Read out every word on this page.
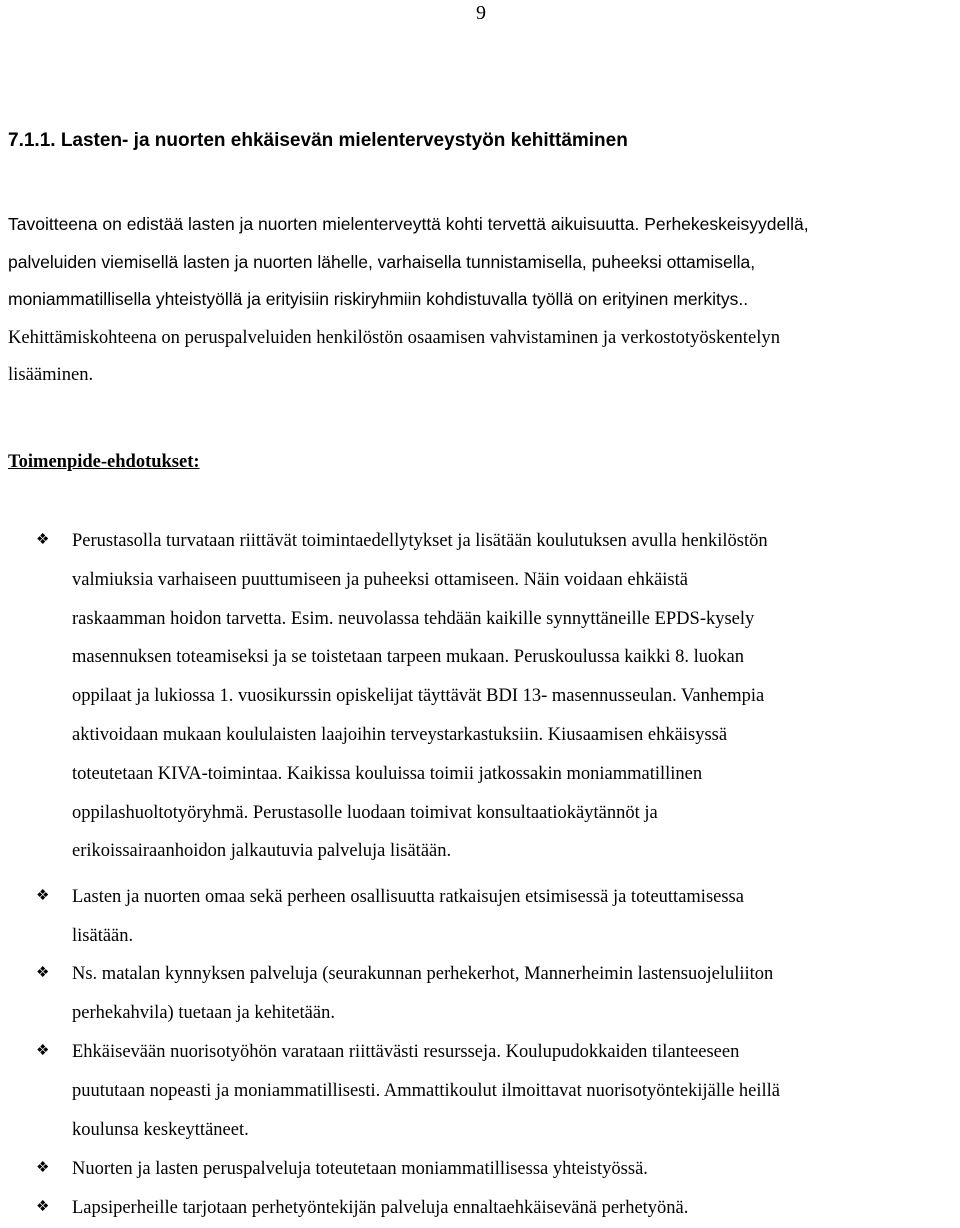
9
7.1.1. Lasten- ja nuorten ehkäisevän mielenterveystyön kehittäminen

Tavoitteena on edistää lasten ja nuorten mielenterveyttä kohti tervettä aikuisuutta. Perhekeskeisyydellä,
palveluiden viemisellä lasten ja nuorten lähelle, varhaisella tunnistamisella, puheeksi ottamisella,
moniammatillisella yhteistyöllä ja erityisiin riskiryhmiin kohdistuvalla työllä on erityinen merkitys..
Kehittämiskohteena on peruspalveluiden henkilöstön osaamisen vahvistaminen ja verkostotyöskentelyn
lisääminen.

Toimenpide-ehdotukset:
❖ Perustasolla turvataan riittävät toimintaedellytykset ja lisätään koulutuksen avulla henkilöstön
valmiuksia varhaiseen puuttumiseen ja puheeksi ottamiseen. Näin voidaan ehkäistä
raskaamman hoidon tarvetta. Esim. neuvolassa tehdään kaikille synnyttäneille EPDS-kysely
masennuksen toteamiseksi ja se toistetaan tarpeen mukaan. Peruskoulussa kaikki 8. luokan
oppilaat ja lukiossa 1. vuosikurssin opiskelijat täyttävät BDI 13- masennusseulan. Vanhempia
aktivoidaan mukaan koululaisten laajoihin terveystarkastuksiin. Kiusaamisen ehkäisyssä
toteutetaan KIVA-toimintaa. Kaikissa kouluissa toimii jatkossakin moniammatillinen
oppilashuoltotyöryhmä. Perustasolle luodaan toimivat konsultaatiokäytännöt ja
erikoissairaanhoidon jalkautuvia palveluja lisätään.

❖ Lasten ja nuorten omaa sekä perheen osallisuutta ratkaisujen etsimisessä ja toteuttamisessa
lisätään.

❖ Ns. matalan kynnyksen palveluja (seurakunnan perhekerhot, Mannerheimin lastensuojeluliiton
perhekahvila) tuetaan ja kehitetään.

❖ Ehkäisevään nuorisotyöhön varataan riittävästi resursseja. Koulupudokkaiden tilanteeseen
puututaan nopeasti ja moniammatillisesti. Ammattikoulut ilmoittavat nuorisotyöntekijälle heillä
koulunsa keskeyttäneet.

❖ Nuorten ja lasten peruspalveluja toteutetaan moniammatillisessa yhteistyössä.

❖ Lapsiperheille tarjotaan perhetyöntekijän palveluja ennaltaehkäisevänä perhetyönä.
